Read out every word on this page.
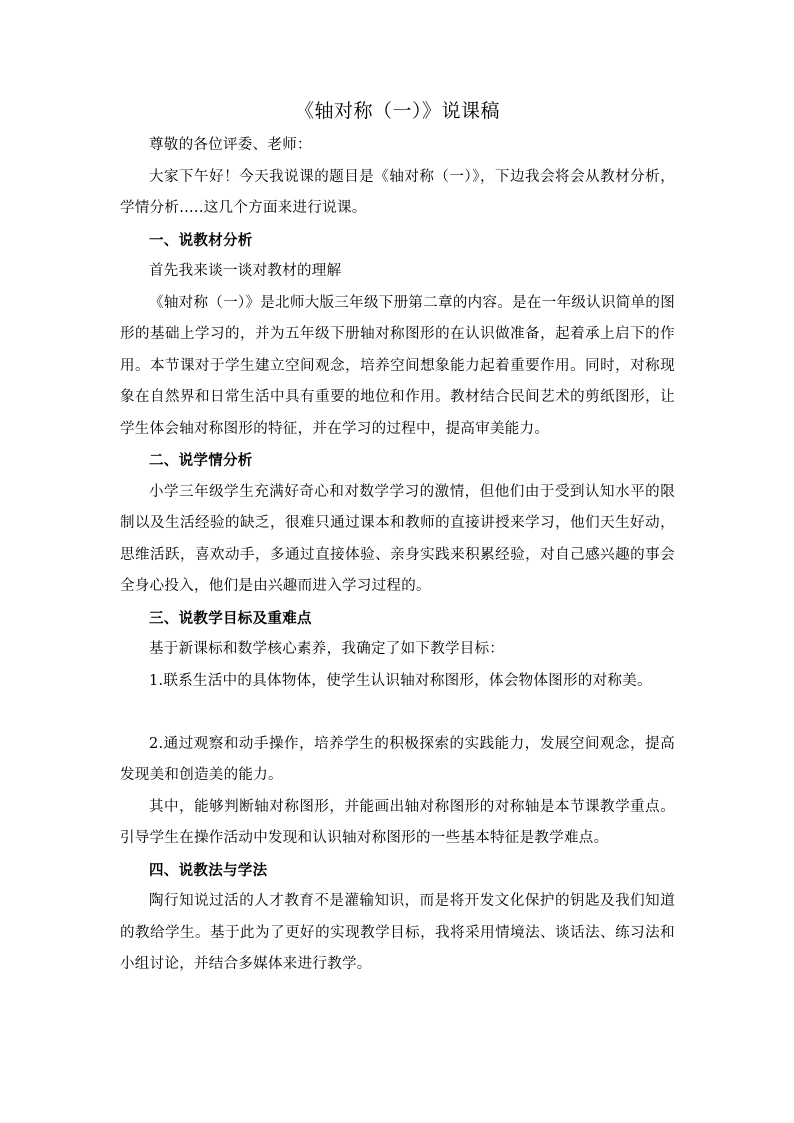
《轴对称（一）》说课稿

尊敬的各位评委、老师：

大家下午好！今天我说课的题目是《轴对称（一）》，下边我会将会从教材分析，学情分析.....这几个方面来进行说课。

一、说教材分析

首先我来谈一谈对教材的理解

《轴对称（一）》是北师大版三年级下册第二章的内容。是在一年级认识简单的图形的基础上学习的，并为五年级下册轴对称图形的在认识做准备，起着承上启下的作用。本节课对于学生建立空间观念，培养空间想象能力起着重要作用。同时，对称现象在自然界和日常生活中具有重要的地位和作用。教材结合民间艺术的剪纸图形，让学生体会轴对称图形的特征，并在学习的过程中，提高审美能力。

二、说学情分析

小学三年级学生充满好奇心和对数学学习的激情，但他们由于受到认知水平的限制以及生活经验的缺乏，很难只通过课本和教师的直接讲授来学习，他们天生好动，思维活跃，喜欢动手，多通过直接体验、亲身实践来积累经验，对自己感兴趣的事会全身心投入，他们是由兴趣而进入学习过程的。

三、说教学目标及重难点

基于新课标和数学核心素养，我确定了如下教学目标：

1.联系生活中的具体物体，使学生认识轴对称图形，体会物体图形的对称美。

2.通过观察和动手操作，培养学生的积极探索的实践能力，发展空间观念，提高发现美和创造美的能力。

其中，能够判断轴对称图形，并能画出轴对称图形的对称轴是本节课教学重点。引导学生在操作活动中发现和认识轴对称图形的一些基本特征是教学难点。

四、说教法与学法

陶行知说过活的人才教育不是灌输知识，而是将开发文化保护的钥匙及我们知道的教给学生。基于此为了更好的实现教学目标，我将采用情境法、谈话法、练习法和小组讨论，并结合多媒体来进行教学。
